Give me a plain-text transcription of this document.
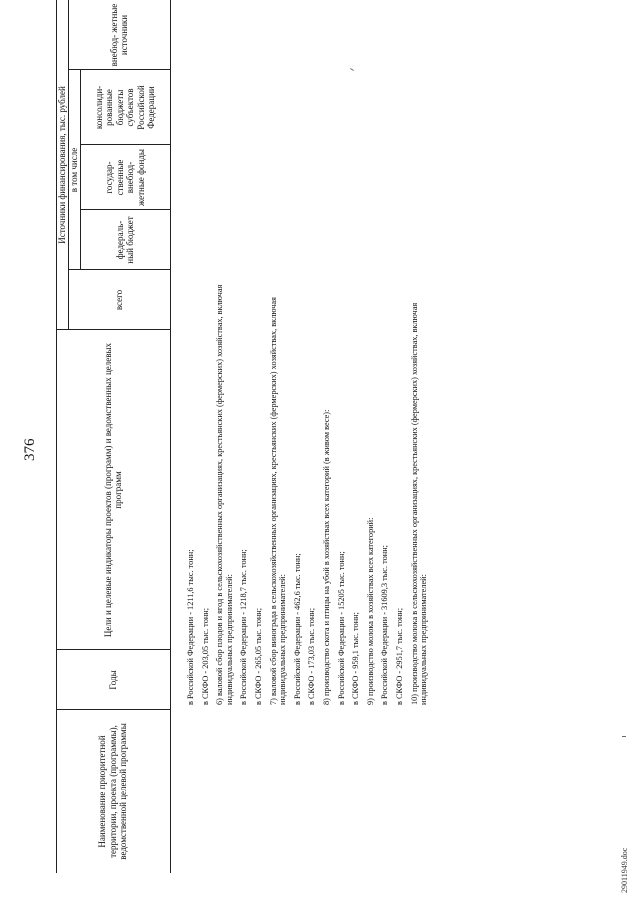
376
29011949.doc
Наименование приоритетной территории, проекта (программы), ведомственной целевой программы
Годы
Цели и целевые индикаторы проектов (программ) и ведомственных целевых программ
Источники финансирования, тыс. рублей
всего
в том числе
федераль- ный бюджет
государ- ственные внебюд- жетные фонды
консолиди- рованные бюджеты субъектов Российской Федерации
внебюд- жетные источники
в Российской Федерации - 1211,6 тыс. тонн; в СКФО - 203,05 тыс. тонн; 6) валовой сбор плодов и ягод в сельскохозяйственных организациях, крестьянских (фермерских) хозяйствах, включая индивидуальных предпринимателей: в Российской Федерации - 1218,7 тыс. тонн; в СКФО - 265,05 тыс. тонн; 7) валовой сбор винограда в сельскохозяйственных организациях, крестьянских (фермерских) хозяйствах, включая индивидуальных предпринимателей: в Российской Федерации - 462,6 тыс. тонн; в СКФО - 173,03 тыс. тонн; 8) производство скота и птицы на убой в хозяйствах всех категорий (в живом весе): в Российской Федерации - 15205 тыс. тонн; в СКФО - 959,1 тыс. тонн; 9) производство молока в хозяйствах всех категорий: в Российской Федерации - 31609,3 тыс. тонн; в СКФО - 2951,7 тыс. тонн; 10) производство молока в сельскохозяйственных организациях, крестьянских (фермерских) хозяйствах, включая индивидуальных предпринимателей:
